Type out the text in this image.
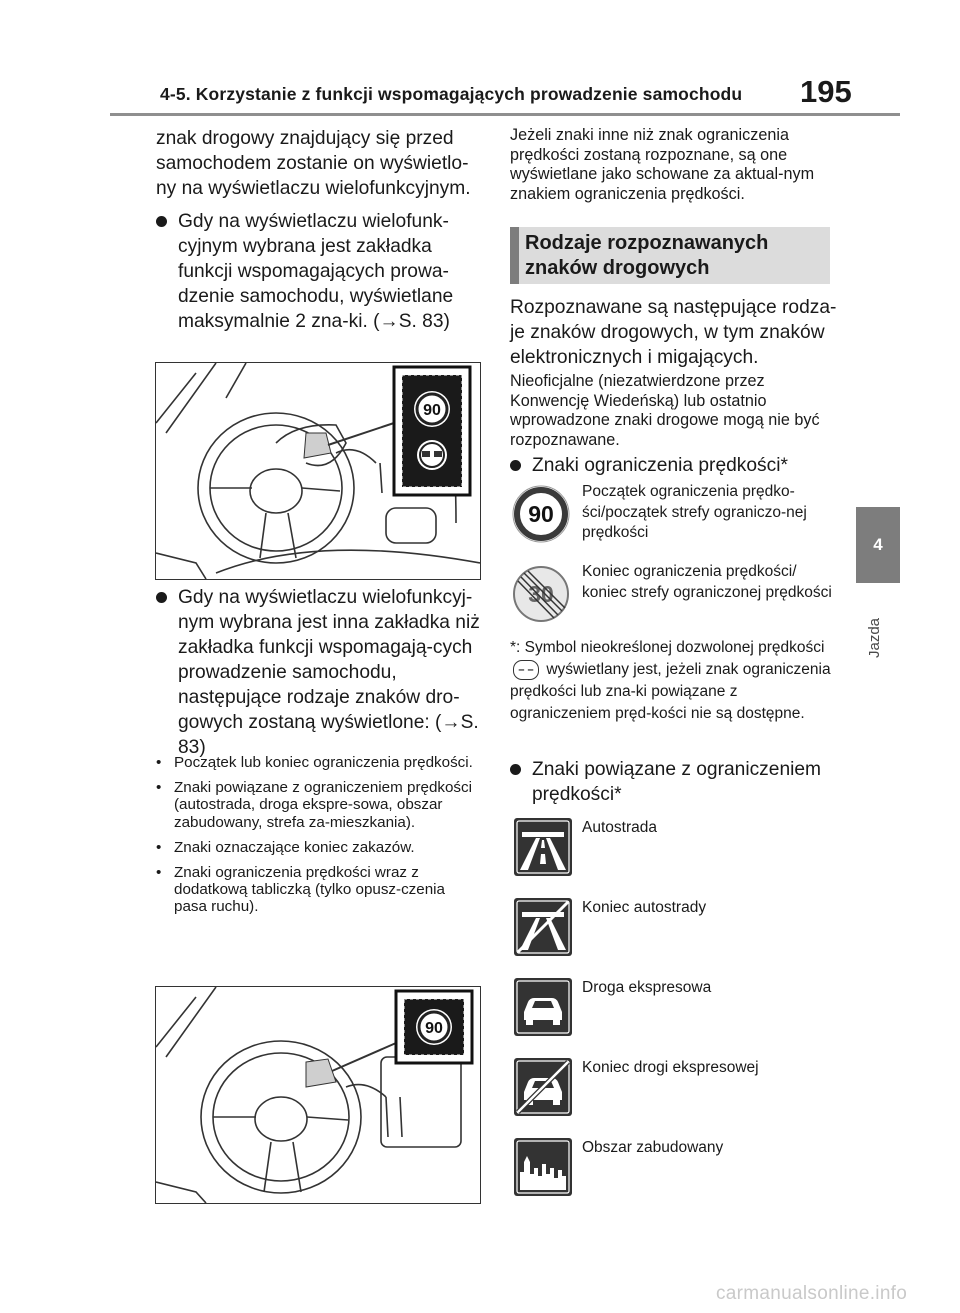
4-5. Korzystanie z funkcji wspomagających prowadzenie samochodu 195
4
Jazda
znak drogowy znajdujący się przed samochodem zostanie on wyświetlo-ny na wyświetlaczu wielofunkcyjnym.
Gdy na wyświetlaczu wielofunk-cyjnym wybrana jest zakładka funkcji wspomagających prowa-dzenie samochodu, wyświetlane maksymalnie 2 zna-ki. (→S. 83)
90
Gdy na wyświetlaczu wielofunkcyj-nym wybrana jest inna zakładka niż zakładka funkcji wspomagają-cych prowadzenie samochodu, następujące rodzaje znaków dro-gowych zostaną wyświetlone: (→S. 83)
• Początek lub koniec ograniczenia prędkości.
• Znaki powiązane z ograniczeniem prędkości (autostrada, droga ekspre-sowa, obszar zabudowany, strefa za-mieszkania).
• Znaki oznaczające koniec zakazów.
• Znaki ograniczenia prędkości wraz z dodatkową tabliczką (tylko opusz-czenia pasa ruchu).
90
Jeżeli znaki inne niż znak ograniczenia prędkości zostaną rozpoznane, są one wyświetlane jako schowane za aktual-nym znakiem ograniczenia prędkości.
Rodzaje rozpoznawanych znaków drogowych
Rozpoznawane są następujące rodza-je znaków drogowych, w tym znaków elektronicznych i migających.
Nieoficjalne (niezatwierdzone przez Konwencję Wiedeńską) lub ostatnio wprowadzone znaki drogowe mogą nie być rozpoznawane.
Znaki ograniczenia prędkości*
90
Początek ograniczenia prędko-ści/początek strefy ograniczo-nej prędkości
30
Koniec ograniczenia prędkości/ koniec strefy ograniczonej prędkości
*: Symbol nieokreślonej dozwolonej prędkości – – wyświetlany jest, jeżeli znak ograniczenia prędkości lub zna-ki powiązane z ograniczeniem pręd-kości nie są dostępne.
Znaki powiązane z ograniczeniem prędkości*
Autostrada
Koniec autostrady
Droga ekspresowa
Koniec drogi ekspresowej
Obszar zabudowany
carmanualsonline.info
